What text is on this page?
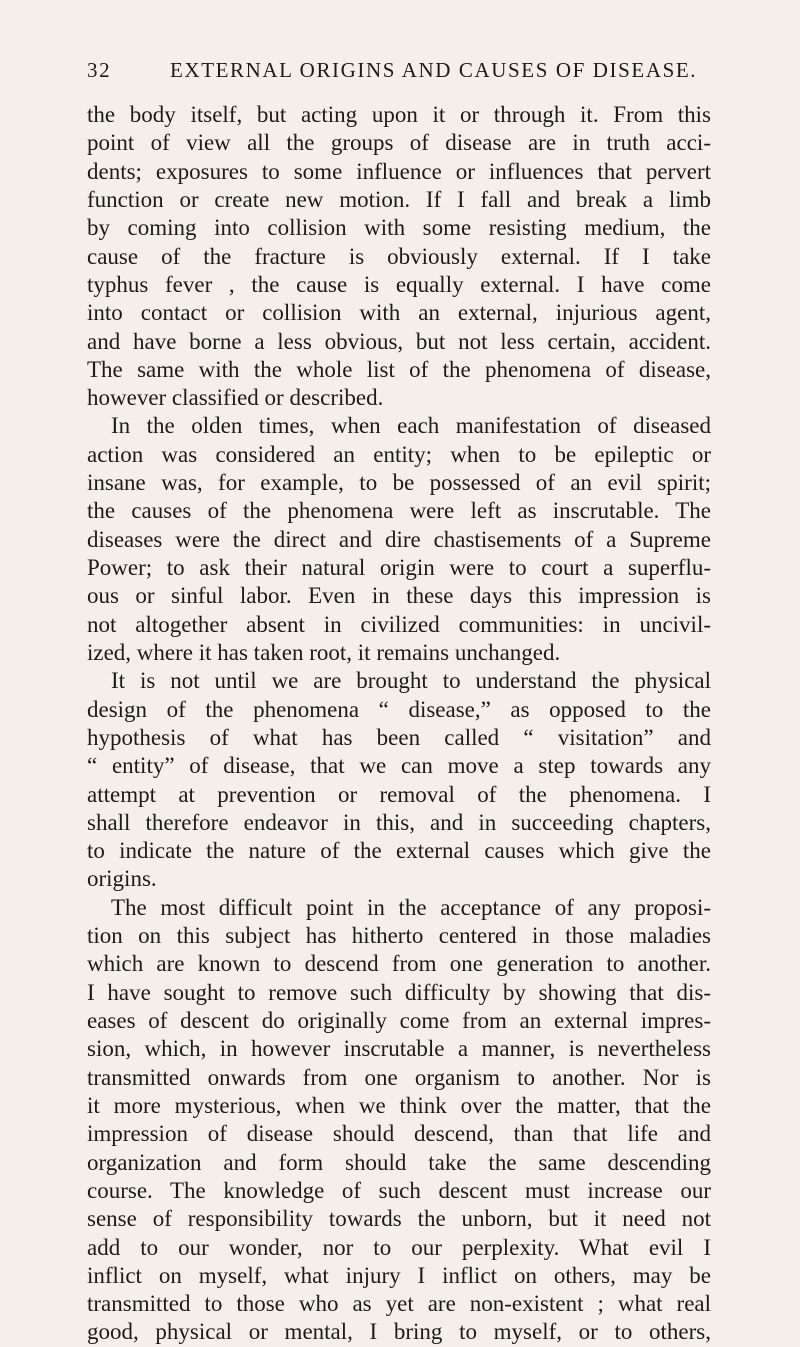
32	EXTERNAL ORIGINS AND CAUSES OF DISEASE.
the body itself, but acting upon it or through it. From this
point of view all the groups of disease are in truth acci-
dents; exposures to some influence or influences that pervert
function or create new motion. If I fall and break a limb
by coming into collision with some resisting medium, the
cause of the fracture is obviously external. If I take
typhus fever , the cause is equally external. I have come
into contact or collision with an external, injurious agent,
and have borne a less obvious, but not less certain, accident.
The same with the whole list of the phenomena of disease,
however classified or described.
In the olden times, when each manifestation of diseased
action was considered an entity; when to be epileptic or
insane was, for example, to be possessed of an evil spirit;
the causes of the phenomena were left as inscrutable. The
diseases were the direct and dire chastisements of a Supreme
Power; to ask their natural origin were to court a superflu-
ous or sinful labor. Even in these days this impression is
not altogether absent in civilized communities: in uncivil-
ized, where it has taken root, it remains unchanged.
It is not until we are brought to understand the physical
design of the phenomena “ disease,” as opposed to the
hypothesis of what has been called “ visitation” and
“ entity” of disease, that we can move a step towards any
attempt at prevention or removal of the phenomena. I
shall therefore endeavor in this, and in succeeding chapters,
to indicate the nature of the external causes which give the
origins.
The most difficult point in the acceptance of any proposi-
tion on this subject has hitherto centered in those maladies
which are known to descend from one generation to another.
I have sought to remove such difficulty by showing that dis-
eases of descent do originally come from an external impres-
sion, which, in however inscrutable a manner, is nevertheless
transmitted onwards from one organism to another. Nor is
it more mysterious, when we think over the matter, that the
impression of disease should descend, than that life and
organization and form should take the same descending
course. The knowledge of such descent must increase our
sense of responsibility towards the unborn, but it need not
add to our wonder, nor to our perplexity. What evil I
inflict on myself, what injury I inflict on others, may be
transmitted to those who as yet are non-existent ; what real
good, physical or mental, I bring to myself, or to others,
